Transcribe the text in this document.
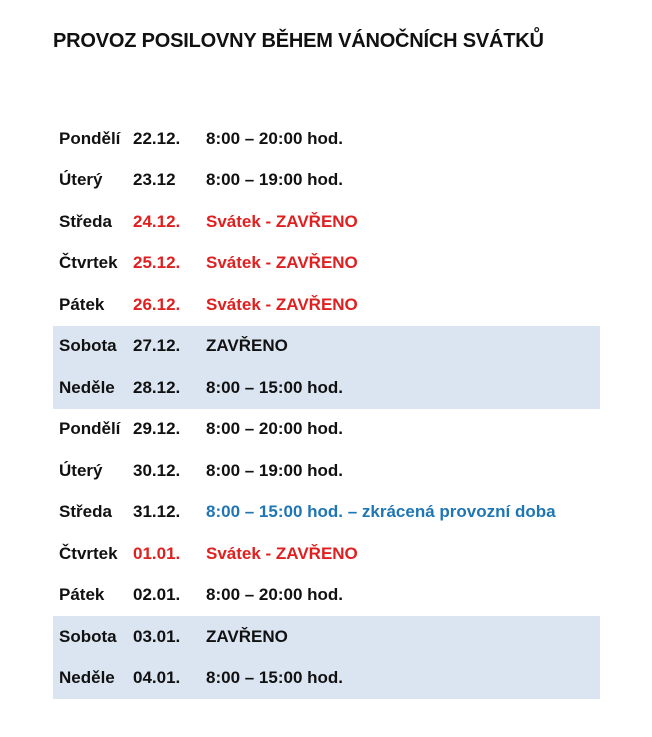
PROVOZ POSILOVNY BĚHEM VÁNOČNÍCH SVÁTKŮ
Pondělí 22.12.	8:00 – 20:00 hod.
Úterý	23.12	8:00 – 19:00 hod.
Středa	24.12.	Svátek - ZAVŘENO
Čtvrtek 25.12.	Svátek - ZAVŘENO
Pátek	26.12.	Svátek - ZAVŘENO
Sobota 27.12.	ZAVŘENO
Neděle	28.12.	8:00 – 15:00 hod.
Pondělí 29.12.	8:00 – 20:00 hod.
Úterý	30.12.	8:00 – 19:00 hod.
Středa	31.12.	8:00 – 15:00 hod. – zkrácená provozní doba
Čtvrtek 01.01.	Svátek - ZAVŘENO
Pátek	02.01.	8:00 – 20:00 hod.
Sobota 03.01.	ZAVŘENO
Neděle	04.01.	8:00 – 15:00 hod.
